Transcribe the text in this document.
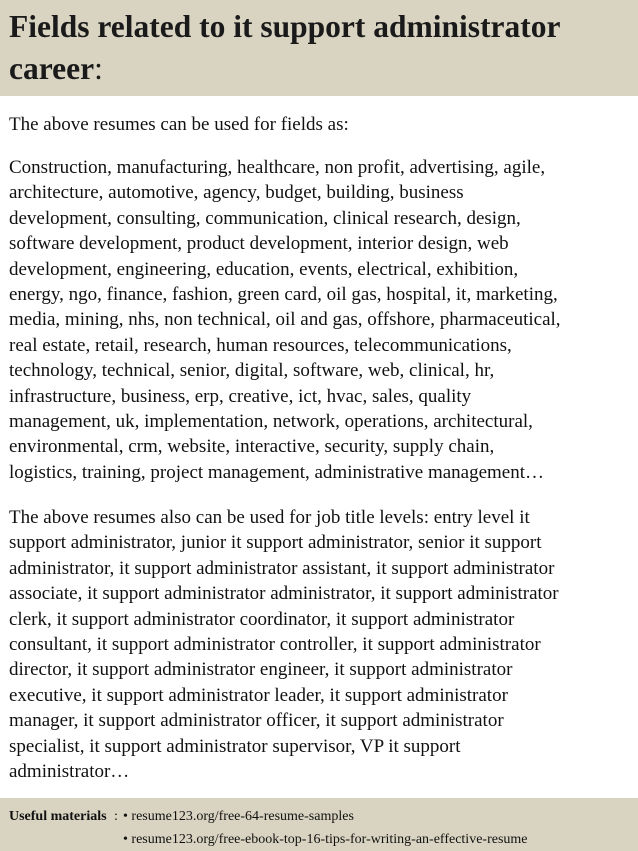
Fields related to it support administrator career:

The above resumes can be used for fields as:

Construction, manufacturing, healthcare, non profit, advertising, agile,
architecture, automotive, agency, budget, building, business
development, consulting, communication, clinical research, design,
software development, product development, interior design, web
development, engineering, education, events, electrical, exhibition,
energy, ngo, finance, fashion, green card, oil gas, hospital, it, marketing,
media, mining, nhs, non technical, oil and gas, offshore, pharmaceutical,
real estate, retail, research, human resources, telecommunications,
technology, technical, senior, digital, software, web, clinical, hr,
infrastructure, business, erp, creative, ict, hvac, sales, quality
management, uk, implementation, network, operations, architectural,
environmental, crm, website, interactive, security, supply chain,
logistics, training, project management, administrative management…

The above resumes also can be used for job title levels: entry level it
support administrator, junior it support administrator, senior it support
administrator, it support administrator assistant, it support administrator
associate, it support administrator administrator, it support administrator
clerk, it support administrator coordinator, it support administrator
consultant, it support administrator controller, it support administrator
director, it support administrator engineer, it support administrator
executive, it support administrator leader, it support administrator
manager, it support administrator officer, it support administrator
specialist, it support administrator supervisor, VP it support
administrator…

Useful materials : • resume123.org/free-64-resume-samples
• resume123.org/free-ebook-top-16-tips-for-writing-an-effective-resume
